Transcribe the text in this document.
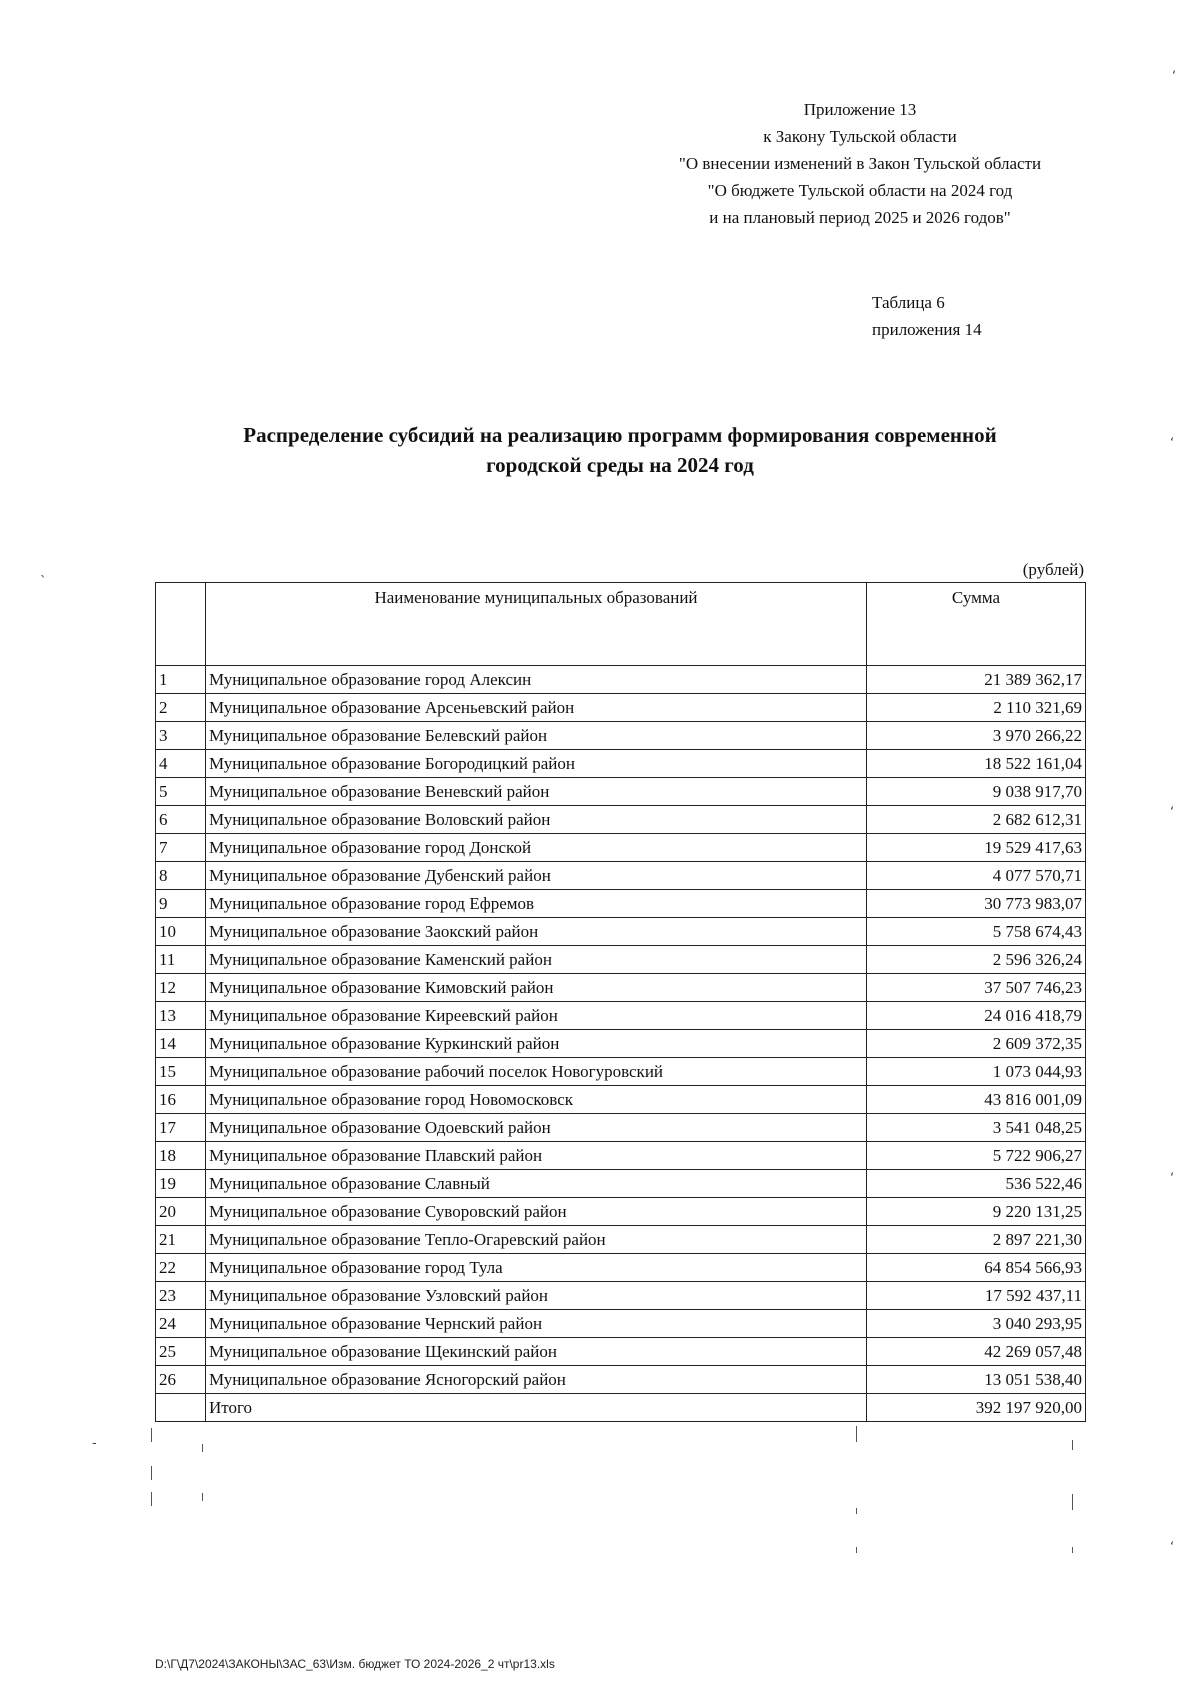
Приложение 13
к Закону Тульской области
"О внесении изменений в Закон Тульской области
"О бюджете Тульской области на 2024 год
и на плановый период 2025 и 2026 годов"
Таблица 6
приложения 14
Распределение субсидий на реализацию программ формирования современной
городской среды на 2024 год
(рублей)
	Наименование муниципальных образований	Сумма
1	Муниципальное образование город Алексин	21 389 362,17
2	Муниципальное образование Арсеньевский район	2 110 321,69
3	Муниципальное образование Белевский район	3 970 266,22
4	Муниципальное образование Богородицкий район	18 522 161,04
5	Муниципальное образование Веневский район	9 038 917,70
6	Муниципальное образование Воловский район	2 682 612,31
7	Муниципальное образование город Донской	19 529 417,63
8	Муниципальное образование Дубенский район	4 077 570,71
9	Муниципальное образование город Ефремов	30 773 983,07
10	Муниципальное образование Заокский район	5 758 674,43
11	Муниципальное образование Каменский район	2 596 326,24
12	Муниципальное образование Кимовский район	37 507 746,23
13	Муниципальное образование Киреевский район	24 016 418,79
14	Муниципальное образование Куркинский район	2 609 372,35
15	Муниципальное образование рабочий поселок Новогуровский	1 073 044,93
16	Муниципальное образование город Новомосковск	43 816 001,09
17	Муниципальное образование Одоевский район	3 541 048,25
18	Муниципальное образование Плавский район	5 722 906,27
19	Муниципальное образование Славный	536 522,46
20	Муниципальное образование Суворовский район	9 220 131,25
21	Муниципальное образование Тепло-Огаревский район	2 897 221,30
22	Муниципальное образование город Тула	64 854 566,93
23	Муниципальное образование Узловский район	17 592 437,11
24	Муниципальное образование Чернский район	3 040 293,95
25	Муниципальное образование Щекинский район	42 269 057,48
26	Муниципальное образование Ясногорский район	13 051 538,40
	Итого	392 197 920,00
D:\Г\Д7\2024\ЗАКОНЫ\ЗАС_63\Изм. бюджет ТО 2024-2026_2 чт\pr13.xls
ʻ
ʻ
ʻ
ʻ
ʻ
ˋ
-
